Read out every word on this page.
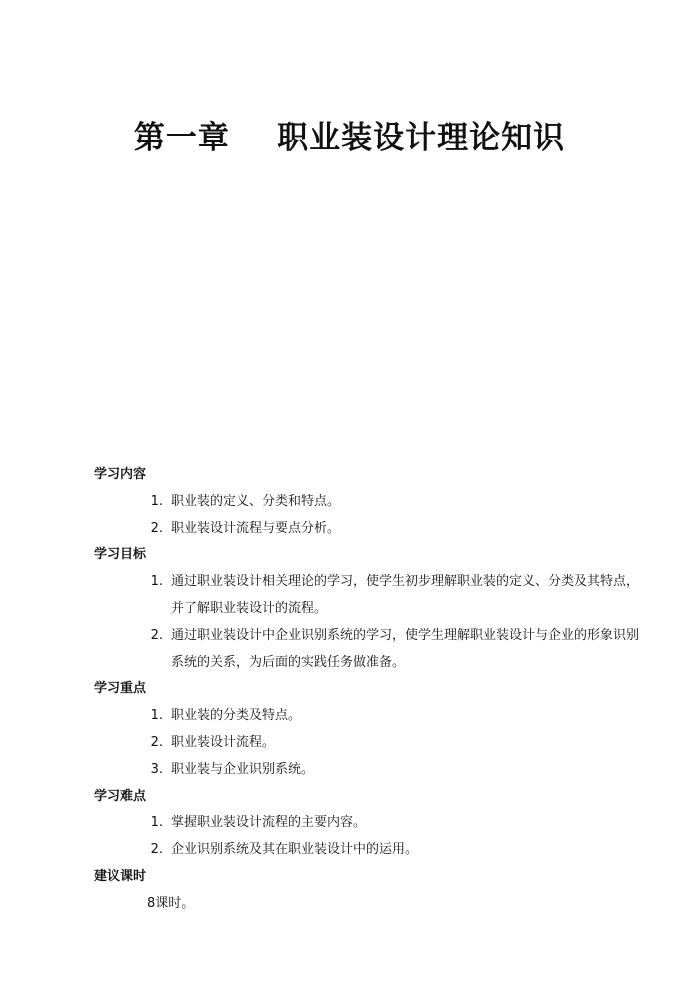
第一章    职业装设计理论知识

学习内容

1. 职业装的定义、分类和特点。
2. 职业装设计流程与要点分析。

学习目标

1. 通过职业装设计相关理论的学习，使学生初步理解职业装的定义、分类及其特点，并了解职业装设计的流程。
2. 通过职业装设计中企业识别系统的学习，使学生理解职业装设计与企业的形象识别系统的关系，为后面的实践任务做准备。

学习重点

1. 职业装的分类及特点。
2. 职业装设计流程。
3. 职业装与企业识别系统。

学习难点

1. 掌握职业装设计流程的主要内容。
2. 企业识别系统及其在职业装设计中的运用。

建议课时

8课时。
